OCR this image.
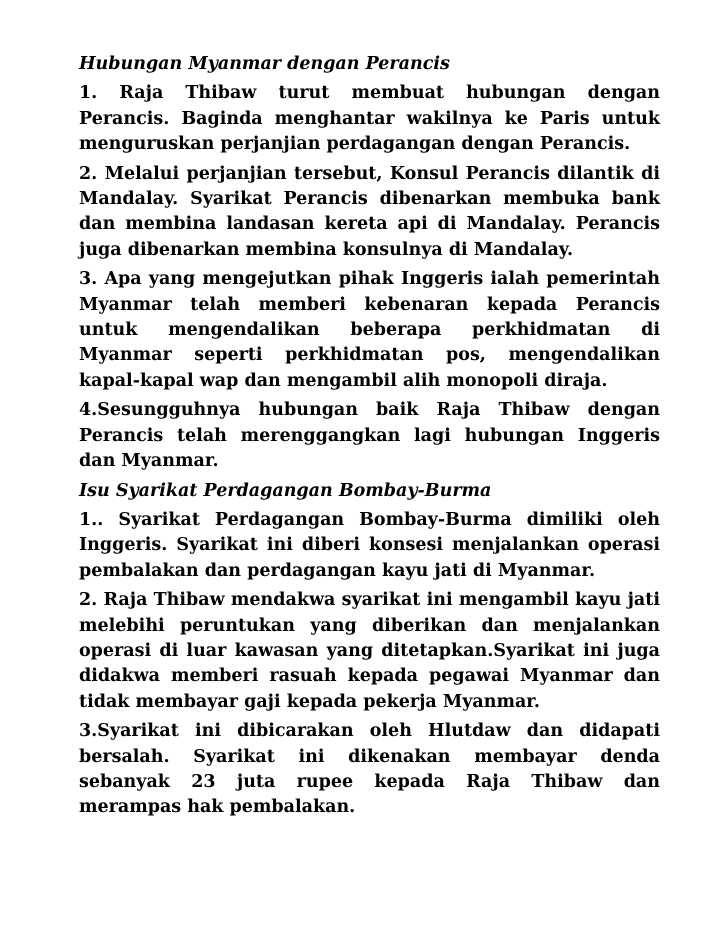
Hubungan Myanmar dengan Perancis

1. Raja Thibaw turut membuat hubungan dengan Perancis. Baginda menghantar wakilnya ke Paris untuk menguruskan perjanjian perdagangan dengan Perancis.

2. Melalui perjanjian tersebut, Konsul Perancis dilantik di Mandalay. Syarikat Perancis dibenarkan membuka bank dan membina landasan kereta api di Mandalay. Perancis juga dibenarkan membina konsulnya di Mandalay.

3. Apa yang mengejutkan pihak Inggeris ialah pemerintah Myanmar telah memberi kebenaran kepada Perancis untuk mengendalikan beberapa perkhidmatan di Myanmar seperti perkhidmatan pos, mengendalikan kapal-kapal wap dan mengambil alih monopoli diraja.

4.Sesungguhnya hubungan baik Raja Thibaw dengan Perancis telah merenggangkan lagi hubungan Inggeris dan Myanmar.

Isu Syarikat Perdagangan Bombay-Burma

1.. Syarikat Perdagangan Bombay-Burma dimiliki oleh Inggeris. Syarikat ini diberi konsesi menjalankan operasi pembalakan dan perdagangan kayu jati di Myanmar.

2. Raja Thibaw mendakwa syarikat ini mengambil kayu jati melebihi peruntukan yang diberikan dan menjalankan operasi di luar kawasan yang ditetapkan.Syarikat ini juga didakwa memberi rasuah kepada pegawai Myanmar dan tidak membayar gaji kepada pekerja Myanmar.

3.Syarikat ini dibicarakan oleh Hlutdaw dan didapati bersalah. Syarikat ini dikenakan membayar denda sebanyak 23 juta rupee kepada Raja Thibaw dan merampas hak pembalakan.
